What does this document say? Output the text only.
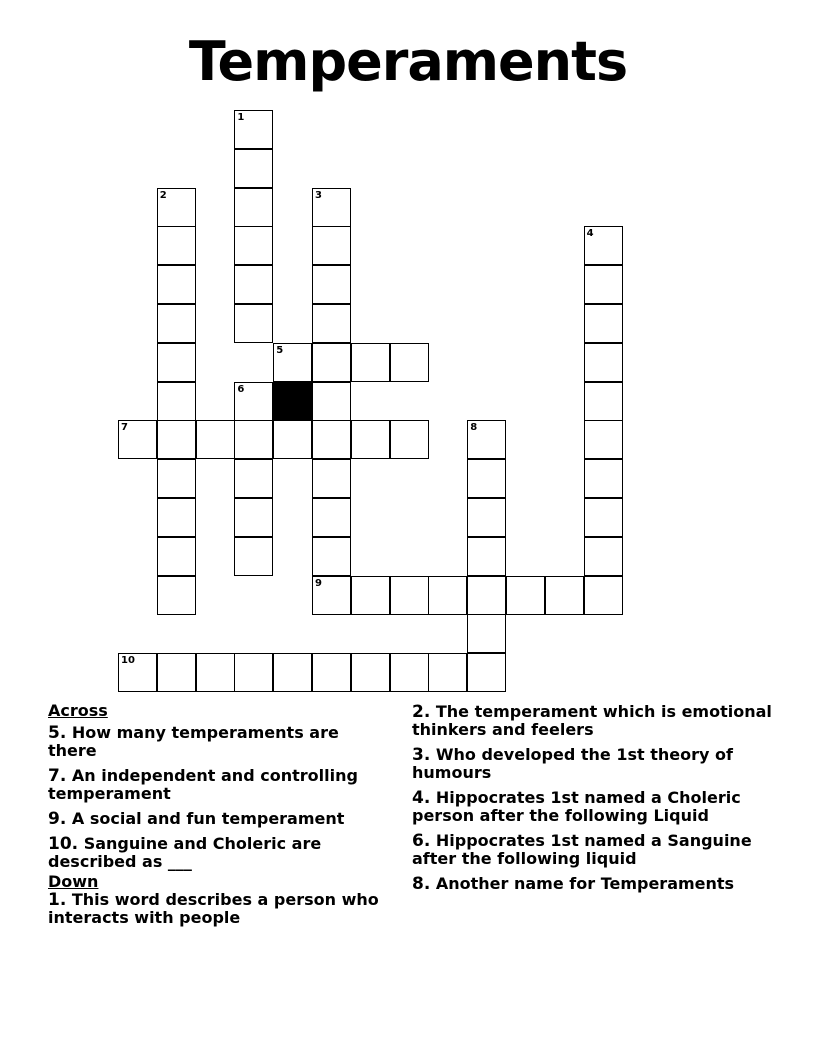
Temperaments
1
2	3
4
5
6
7	8
9
10
Across
5. How many temperaments are there
7. An independent and controlling temperament
9. A social and fun temperament
10. Sanguine and Choleric are described as ___
Down
1. This word describes a person who interacts with people
2. The temperament which is emotional thinkers and feelers
3. Who developed the 1st theory of humours
4. Hippocrates 1st named a Choleric person after the following Liquid
6. Hippocrates 1st named a Sanguine after the following liquid
8. Another name for Temperaments
